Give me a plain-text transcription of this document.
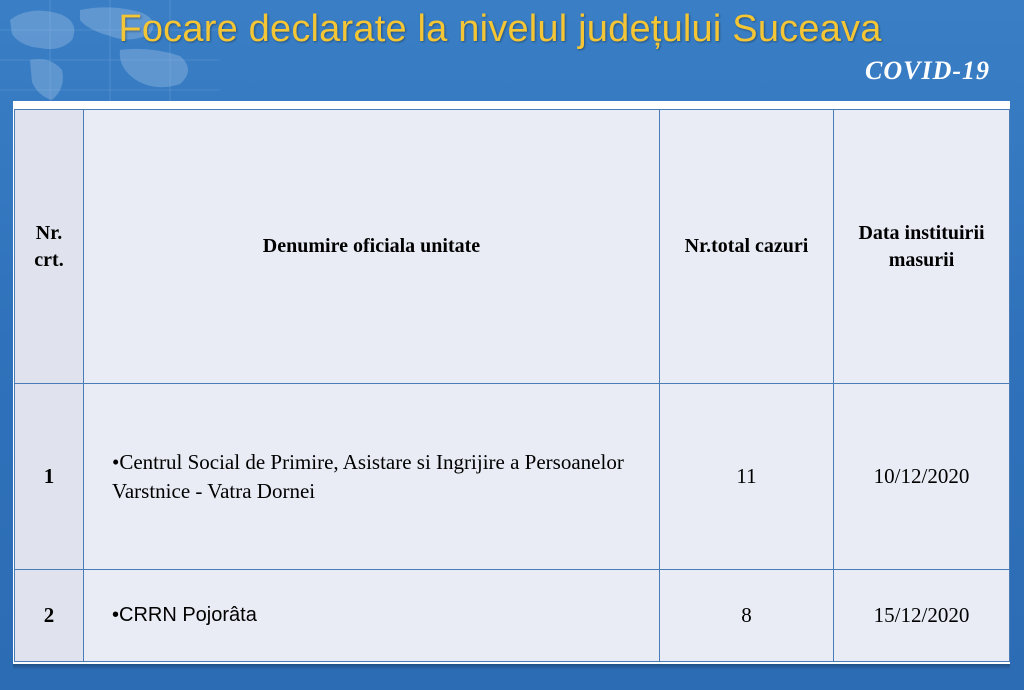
Focare declarate la nivelul județului Suceava
COVID-19
Nr. crt.	Denumire oficiala unitate	Nr.total cazuri	Data instituirii masurii
1	•Centrul Social de Primire, Asistare si Ingrijire a Persoanelor Varstnice - Vatra Dornei	11	10/12/2020
2	•CRRN Pojorâta	8	15/12/2020
